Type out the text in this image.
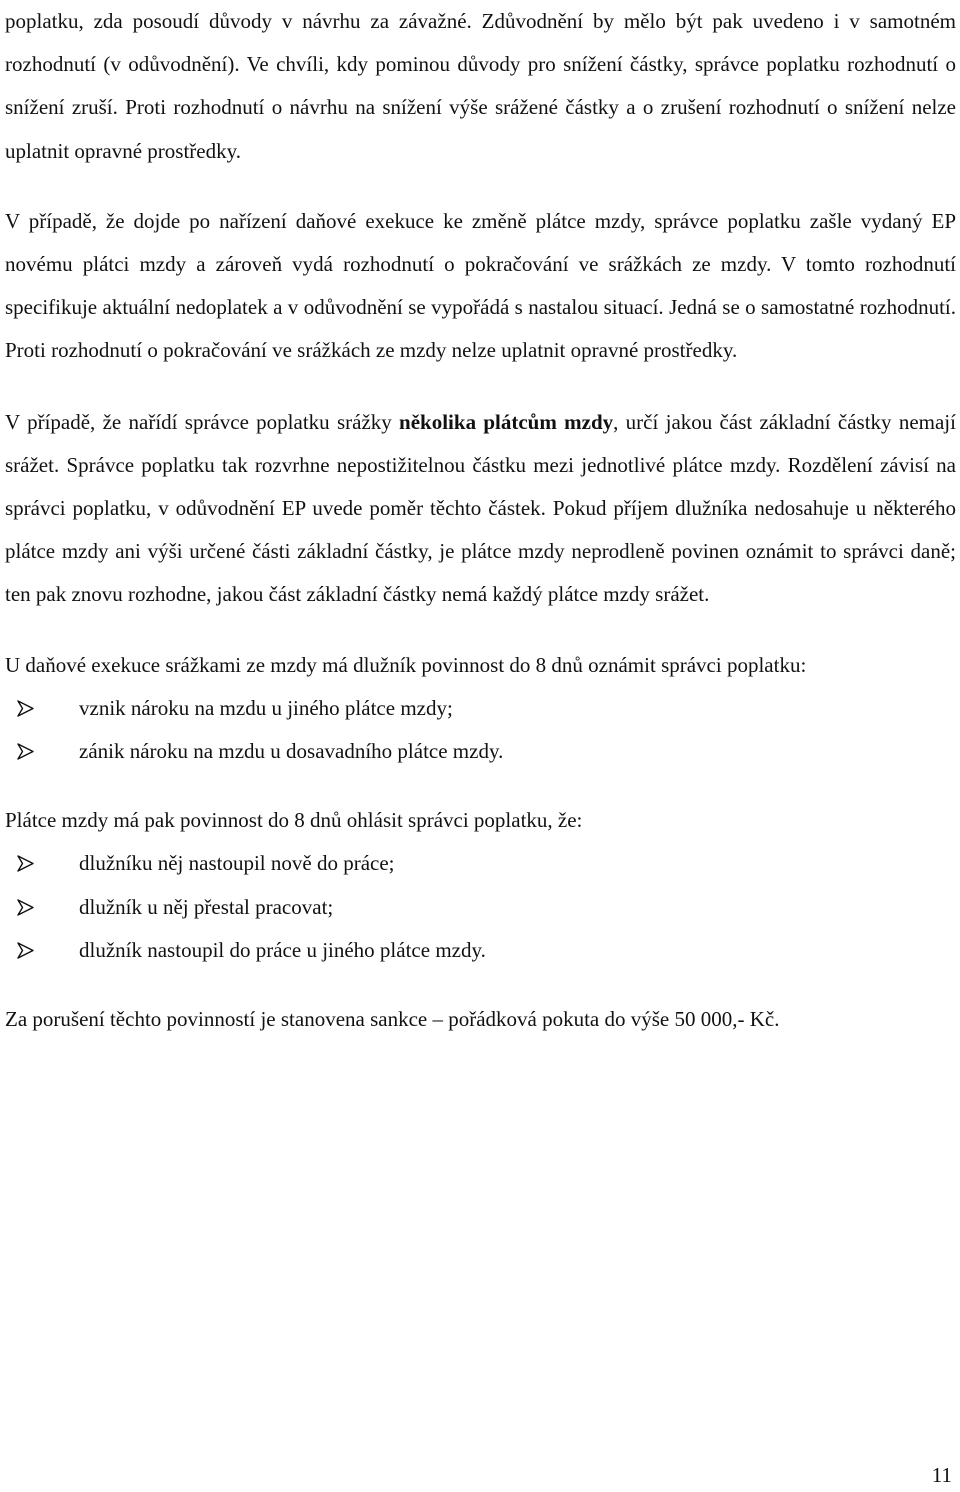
poplatku, zda posoudí důvody v návrhu za závažné. Zdůvodnění by mělo být pak uvedeno i v samotném rozhodnutí (v odůvodnění). Ve chvíli, kdy pominou důvody pro snížení částky, správce poplatku rozhodnutí o snížení zruší. Proti rozhodnutí o návrhu na snížení výše srážené částky a o zrušení rozhodnutí o snížení nelze uplatnit opravné prostředky.

V případě, že dojde po nařízení daňové exekuce ke změně plátce mzdy, správce poplatku zašle vydaný EP novému plátci mzdy a zároveň vydá rozhodnutí o pokračování ve srážkách ze mzdy. V tomto rozhodnutí specifikuje aktuální nedoplatek a v odůvodnění se vypořádá s nastalou situací. Jedná se o samostatné rozhodnutí. Proti rozhodnutí o pokračování ve srážkách ze mzdy nelze uplatnit opravné prostředky.

V případě, že nařídí správce poplatku srážky několika plátcům mzdy, určí jakou část základní částky nemají srážet. Správce poplatku tak rozvrhne nepostižitelnou částku mezi jednotlivé plátce mzdy. Rozdělení závisí na správci poplatku, v odůvodnění EP uvede poměr těchto částek. Pokud příjem dlužníka nedosahuje u některého plátce mzdy ani výši určené části základní částky, je plátce mzdy neprodleně povinen oznámit to správci daně; ten pak znovu rozhodne, jakou část základní částky nemá každý plátce mzdy srážet.

U daňové exekuce srážkami ze mzdy má dlužník povinnost do 8 dnů oznámit správci poplatku:

vznik nároku na mzdu u jiného plátce mzdy;
zánik nároku na mzdu u dosavadního plátce mzdy.

Plátce mzdy má pak povinnost do 8 dnů ohlásit správci poplatku, že:

dlužníku něj nastoupil nově do práce;
dlužník u něj přestal pracovat;
dlužník nastoupil do práce u jiného plátce mzdy.

Za porušení těchto povinností je stanovena sankce – pořádková pokuta do výše 50 000,- Kč.

11
